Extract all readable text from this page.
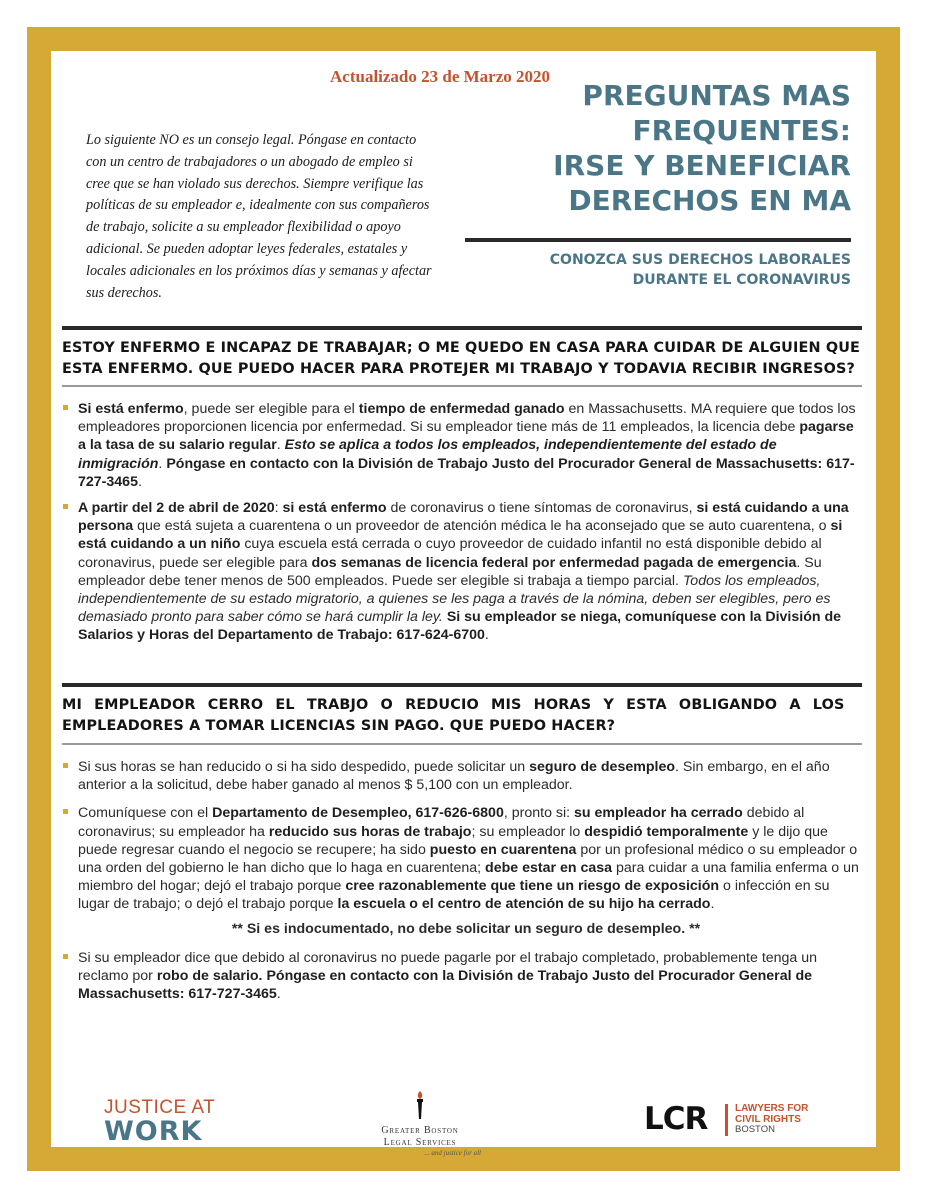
Actualizado 23 de Marzo 2020
Lo siguiente NO es un consejo legal. Póngase en contacto con un centro de trabajadores o un abogado de empleo si cree que se han violado sus derechos. Siempre verifique las políticas de su empleador e, idealmente con sus compañeros de trabajo, solicite a su empleador flexibilidad o apoyo adicional. Se pueden adoptar leyes federales, estatales y locales adicionales en los próximos días y semanas y afectar sus derechos.
PREGUNTAS MAS
FREQUENTES:
IRSE Y BENEFICIAR
DERECHOS EN MA
CONOZCA SUS DERECHOS LABORALES
DURANTE EL CORONAVIRUS
ESTOY ENFERMO E INCAPAZ DE TRABAJAR; O ME QUEDO EN CASA PARA CUIDAR DE ALGUIEN QUE
ESTA ENFERMO. QUE PUEDO HACER PARA PROTEJER MI TRABAJO Y TODAVIA RECIBIR INGRESOS?

Si está enfermo, puede ser elegible para el tiempo de enfermedad ganado en Massachusetts. MA requiere que todos los empleadores proporcionen licencia por enfermedad. Si su empleador tiene más de 11 empleados, la licencia debe pagarse a la tasa de su salario regular. Esto se aplica a todos los empleados, independientemente del estado de inmigración. Póngase en contacto con la División de Trabajo Justo del Procurador General de Massachusetts: 617-727-3465.

A partir del 2 de abril de 2020: si está enfermo de coronavirus o tiene síntomas de coronavirus, si está cuidando a una persona que está sujeta a cuarentena o un proveedor de atención médica le ha aconsejado que se auto cuarentena, o si está cuidando a un niño cuya escuela está cerrada o cuyo proveedor de cuidado infantil no está disponible debido al coronavirus, puede ser elegible para dos semanas de licencia federal por enfermedad pagada de emergencia. Su empleador debe tener menos de 500 empleados. Puede ser elegible si trabaja a tiempo parcial. Todos los empleados, independientemente de su estado migratorio, a quienes se les paga a través de la nómina, deben ser elegibles, pero es demasiado pronto para saber cómo se hará cumplir la ley. Si su empleador se niega, comuníquese con la División de Salarios y Horas del Departamento de Trabajo: 617-624-6700.

MI EMPLEADOR CERRO EL TRABJO O REDUCIO MIS HORAS Y ESTA OBLIGANDO A LOS
EMPLEADORES A TOMAR LICENCIAS SIN PAGO. QUE PUEDO HACER?

Si sus horas se han reducido o si ha sido despedido, puede solicitar un seguro de desempleo. Sin embargo, en el año anterior a la solicitud, debe haber ganado al menos $ 5,100 con un empleador.

Comuníquese con el Departamento de Desempleo, 617-626-6800, pronto si: su empleador ha cerrado debido al coronavirus; su empleador ha reducido sus horas de trabajo; su empleador lo despidió temporalmente y le dijo que puede regresar cuando el negocio se recupere; ha sido puesto en cuarentena por un profesional médico o su empleador o una orden del gobierno le han dicho que lo haga en cuarentena; debe estar en casa para cuidar a una familia enferma o un miembro del hogar; dejó el trabajo porque cree razonablemente que tiene un riesgo de exposición o infección en su lugar de trabajo; o dejó el trabajo porque la escuela o el centro de atención de su hijo ha cerrado.

** Si es indocumentado, no debe solicitar un seguro de desempleo. **

Si su empleador dice que debido al coronavirus no puede pagarle por el trabajo completado, probablemente tenga un reclamo por robo de salario. Póngase en contacto con la División de Trabajo Justo del Procurador General de Massachusetts: 617-727-3465.

JUSTICE AT
WORK	Greater Boston
Legal Services
... and justice for all
LCR	LAWYERS FOR
CIVIL RIGHTS
BOSTON
